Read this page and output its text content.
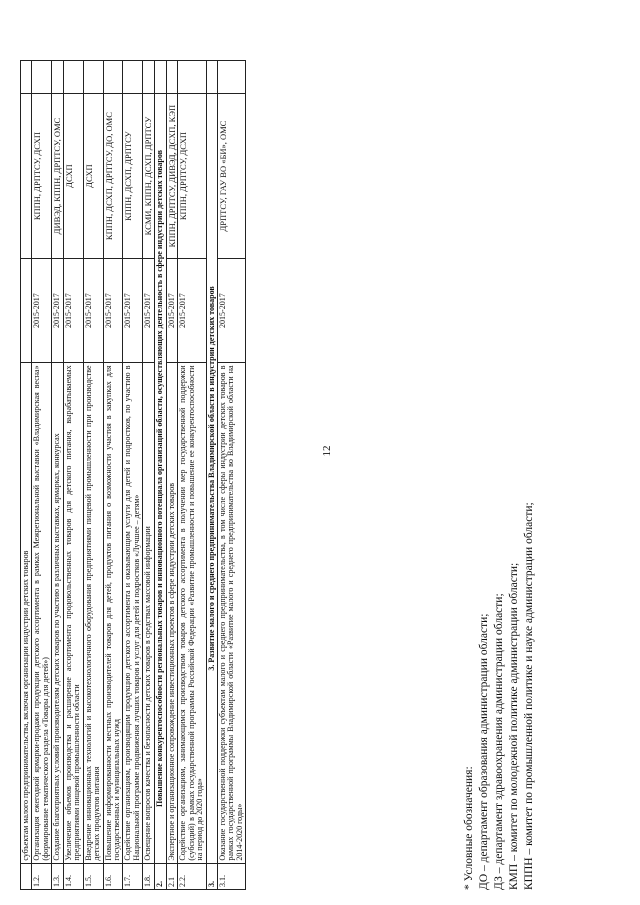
12
	субъектам малого предпринимательства, включая организации индустрии детских товаров			
1.2.	Организация ежегодной ярмарки-продажи продукции детского ассортимента в рамках Межрегиональной выставки «Владимирская весна» (формирование тематического раздела «Товары для детей»)	2015-2017	КППН, ДРПТСУ, ДСХП	
1.3.	Создание благоприятных условий производителям детских товаров по участию в различных выставках, ярмарках, конкурсах	2015-2017	ДИВЭД, КППН, ДРПТСУ, ОМС	
1.4.	Увеличение объемов производства и расширение ассортимента продовольственных товаров для детского питания, вырабатываемых предприятиями пищевой промышленности области	2015-2017	ДСХП	
1.5.	Внедрение инновационных технологий и высокотехнологичного оборудования предприятиями пищевой промышленности при производстве детских продуктов питания	2015-2017	ДСХП	
1.6.	Повышение информированности местных производителей товаров для детей, продуктов питания о возможности участия в закупках для государственных и муниципальных нужд	2015-2017	КППН, ДСХП, ДРПТСУ, ДО, ОМС	
1.7.	Содействие организациям, производящим продукцию детского ассортимента и оказывающим услуги для детей и подростков, по участию в Национальной программе продвижения лучших товаров и услуг для детей и подростков «Лучшее – детям»	2015-2017	КППН, ДСХП, ДРПТСУ	
1.8.	Освещение вопросов качества и безопасности детских товаров в средствах массовой информации	2015-2017	КСМИ, КППН, ДСХП, ДРПТСУ	
2.	Повышение конкурентоспособности региональных товаров и инновационного потенциала организаций области, осуществляющих деятельность в сфере индустрии детских товаров			
2.1	Экспертное и организационное сопровождение инвестиционных проектов в сфере индустрии детских товаров	2015-2017	КППН, ДРПТСУ, ДИВЭД, ДСХП, КЭП	
2.2.	Содействие организациям, занимающимся производством товаров детского ассортимента в получении мер государственной поддержки (субсидий) в рамках государственной программы Российской Федерации «Развитие промышленности и повышение ее конкурентоспособности на период до 2020 года»	2015-2017	КППН, ДРПТСУ, ДСХП	
3.	3. Развитие малого и среднего предпринимательства Владимирской области в индустрии детских товаров			
3.1.	Оказание государственной поддержки субъектам малого и среднего предпринимательства, в том числе сферы индустрии детских товаров в рамках государственной программы Владимирской области «Развитие малого и среднего предпринимательства во Владимирской области на 2014-2020 годы»	2015-2017	ДРПТСУ, ГАУ ВО «БИ», ОМС	
* Условные обозначения: ДО – департамент образования администрации области; ДЗ – департамент здравоохранения администрации области; КМП – комитет по молодежной политике администрации области; КППН – комитет по промышленной политике и науке администрации области;
